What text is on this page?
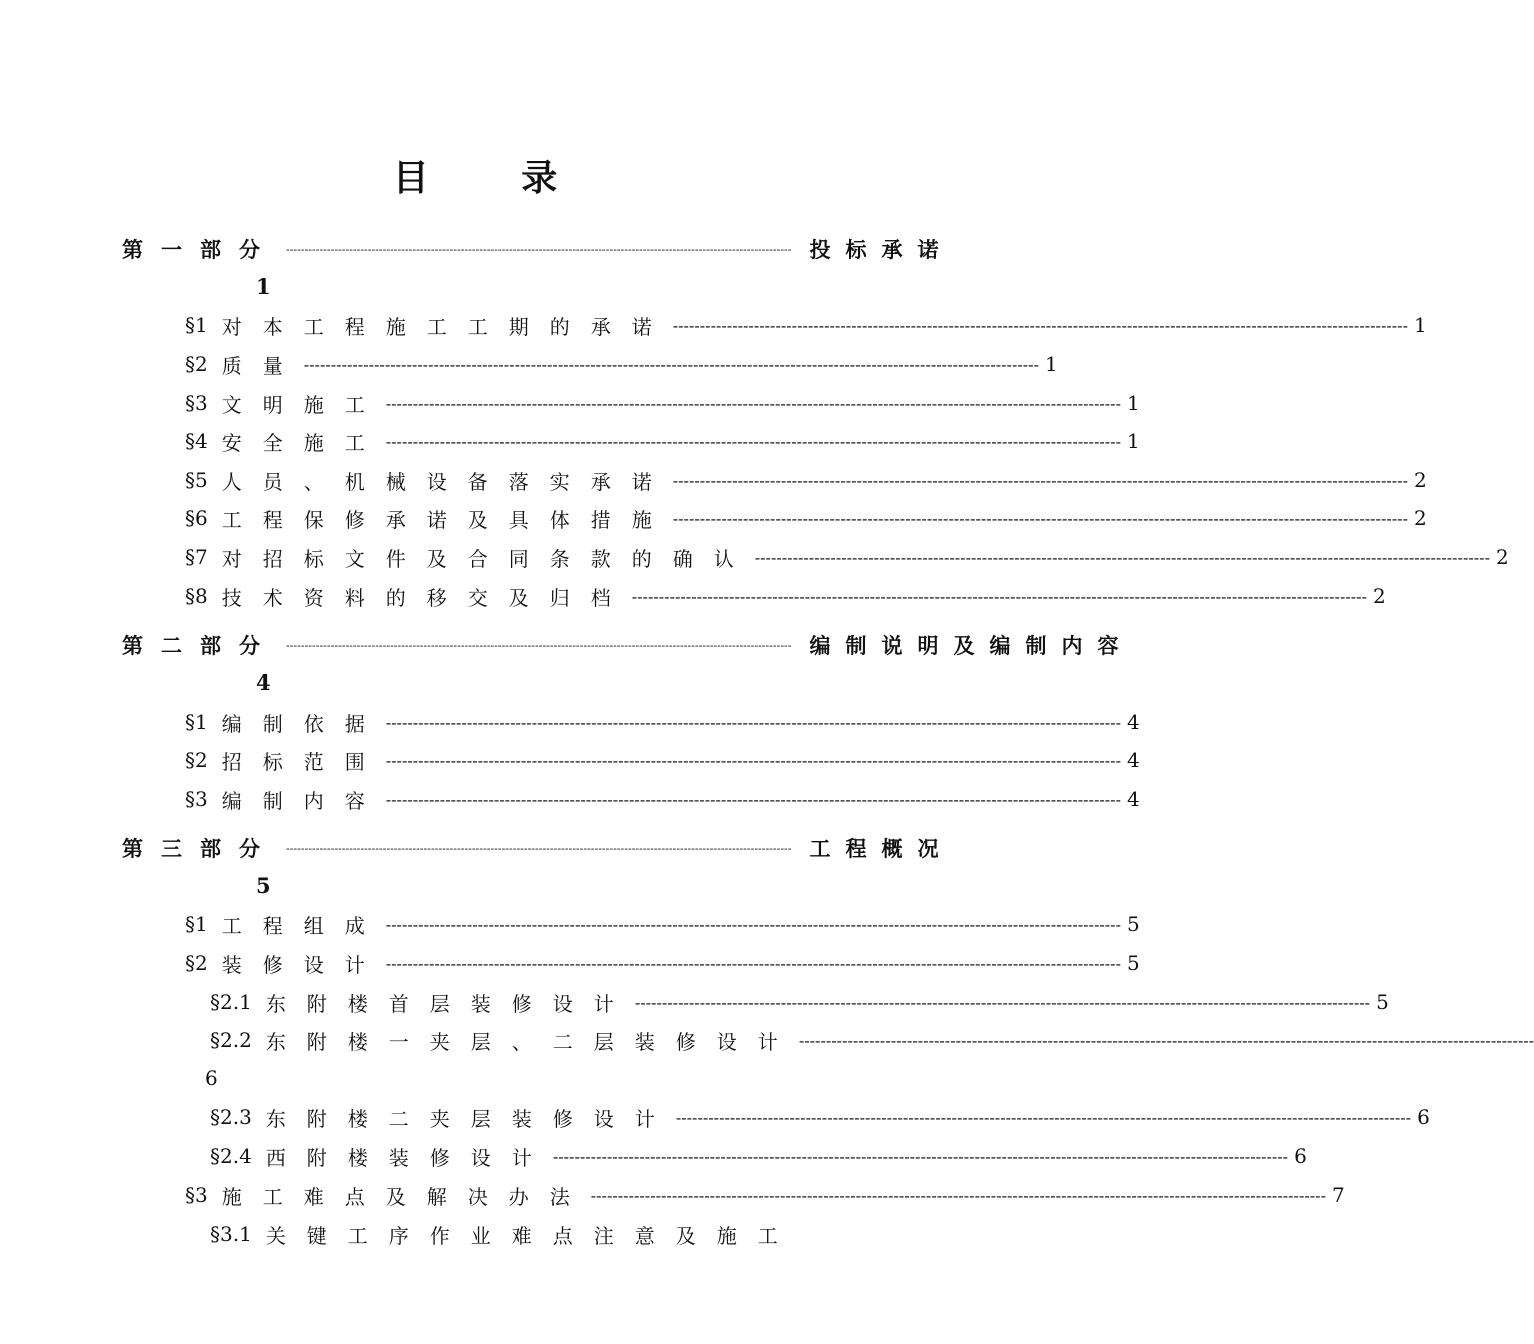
目 录
第一部分 ---------------------------------------------------------------------------------------------------------------------------------------- 投标承诺
1
§1 对本工程施工工期的承诺 ---------------------------------------------------------------------------------------------------------------------------------------- 1
§2 质量 ---------------------------------------------------------------------------------------------------------------------------------------- 1
§3 文明施工 ---------------------------------------------------------------------------------------------------------------------------------------- 1
§4 安全施工 ---------------------------------------------------------------------------------------------------------------------------------------- 1
§5 人员、机械设备落实承诺 ---------------------------------------------------------------------------------------------------------------------------------------- 2
§6 工程保修承诺及具体措施 ---------------------------------------------------------------------------------------------------------------------------------------- 2
§7 对招标文件及合同条款的确认 ---------------------------------------------------------------------------------------------------------------------------------------- 2
§8 技术资料的移交及归档 ---------------------------------------------------------------------------------------------------------------------------------------- 2
第二部分 ---------------------------------------------------------------------------------------------------------------------------------------- 编制说明及编制内容
4
§1 编制依据 ---------------------------------------------------------------------------------------------------------------------------------------- 4
§2 招标范围 ---------------------------------------------------------------------------------------------------------------------------------------- 4
§3 编制内容 ---------------------------------------------------------------------------------------------------------------------------------------- 4
第三部分 ---------------------------------------------------------------------------------------------------------------------------------------- 工程概况
5
§1 工程组成 ---------------------------------------------------------------------------------------------------------------------------------------- 5
§2 装修设计 ---------------------------------------------------------------------------------------------------------------------------------------- 5
§2.1 东附楼首层装修设计 ---------------------------------------------------------------------------------------------------------------------------------------- 5
§2.2 东附楼一夹层、二层装修设计 ----------------------------------------------------------------------------------------------------------------------------------------
6
§2.3 东附楼二夹层装修设计 ---------------------------------------------------------------------------------------------------------------------------------------- 6
§2.4 西附楼装修设计 ---------------------------------------------------------------------------------------------------------------------------------------- 6
§3 施工难点及解决办法 ---------------------------------------------------------------------------------------------------------------------------------------- 7
§3.1 关键工序作业难点注意及施工
